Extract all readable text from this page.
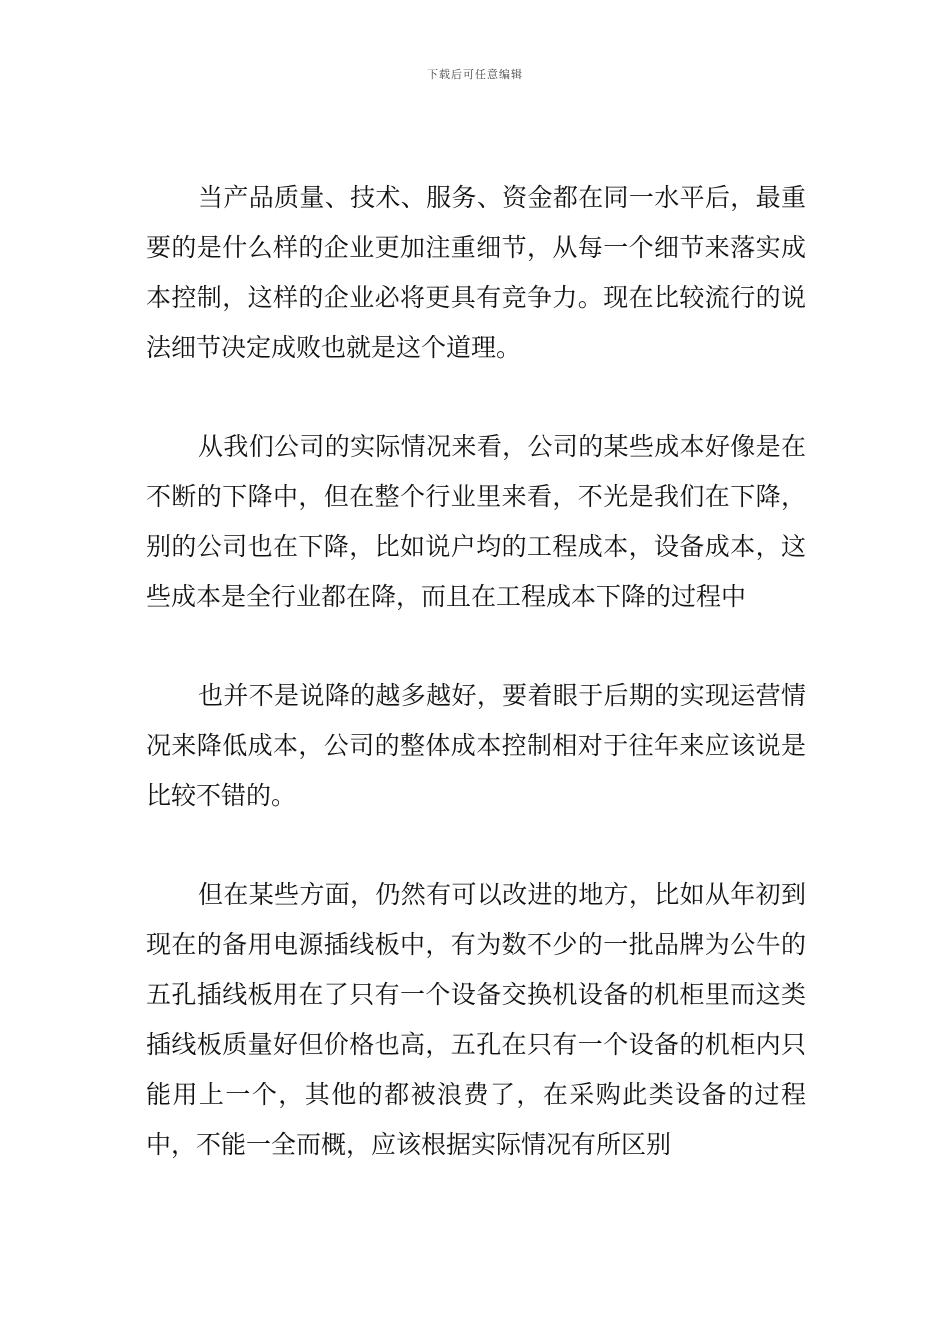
下载后可任意编辑

当产品质量、技术、服务、资金都在同一水平后，最重要的是什么样的企业更加注重细节，从每一个细节来落实成本控制，这样的企业必将更具有竞争力。现在比较流行的说法细节决定成败也就是这个道理。

从我们公司的实际情况来看，公司的某些成本好像是在不断的下降中，但在整个行业里来看，不光是我们在下降，别的公司也在下降，比如说户均的工程成本，设备成本，这些成本是全行业都在降，而且在工程成本下降的过程中

也并不是说降的越多越好，要着眼于后期的实现运营情况来降低成本，公司的整体成本控制相对于往年来应该说是比较不错的。

但在某些方面，仍然有可以改进的地方，比如从年初到现在的备用电源插线板中，有为数不少的一批品牌为公牛的五孔插线板用在了只有一个设备交换机设备的机柜里而这类插线板质量好但价格也高，五孔在只有一个设备的机柜内只能用上一个，其他的都被浪费了，在采购此类设备的过程中，不能一全而概，应该根据实际情况有所区别
